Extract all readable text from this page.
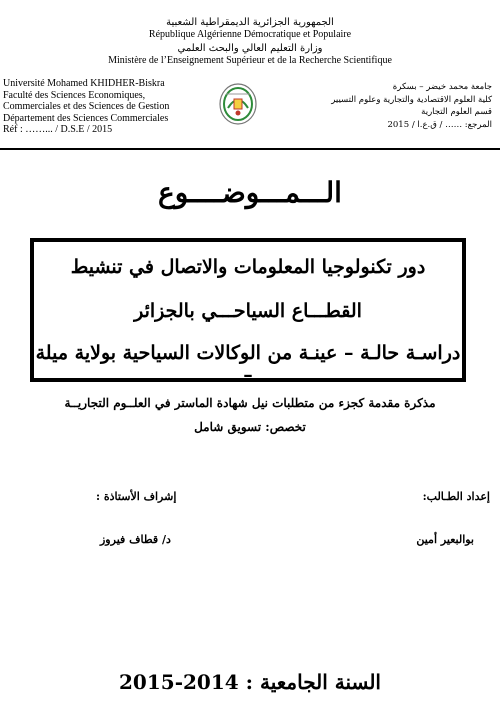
الجمهورية الجزائرية الديمقراطية الشعبية
République Algérienne Démocratique et Populaire
وزارة التعليم العالي والبحث العلمي
Ministère de l’Enseignement Supérieur et de la Recherche Scientifique
Université Mohamed KHIDHER-Biskra
Faculté des Sciences Economiques,
Commerciales et des Sciences de Gestion
Département des Sciences Commerciales
Réf : ……... / D.S.E / 2015
جامعة محمد خيضر – بسكرة
كلية العلوم الاقتصادية والتجارية وعلوم التسيير
قسم العلوم التجارية
المرجع: …… / ق.ع.ا / 2015
الـــمـــوضــــوع
دور تكنولوجيا المعلومات والاتصال في تنشيط
القطـــاع السياحـــي بالجزائر
دراسـة حالـة – عينـة من الوكالات السياحية بولاية ميلة –
مذكرة مقدمة كجزء من متطلبات نيل شهادة الماستر في العلــوم التجاريــة
تخصص: تسويق شامل
إعداد الطـالب:
إشراف الأستاذة :
بوالبعير أمين
د/ قطاف فيروز
السنة الجامعية : 2014-2015
